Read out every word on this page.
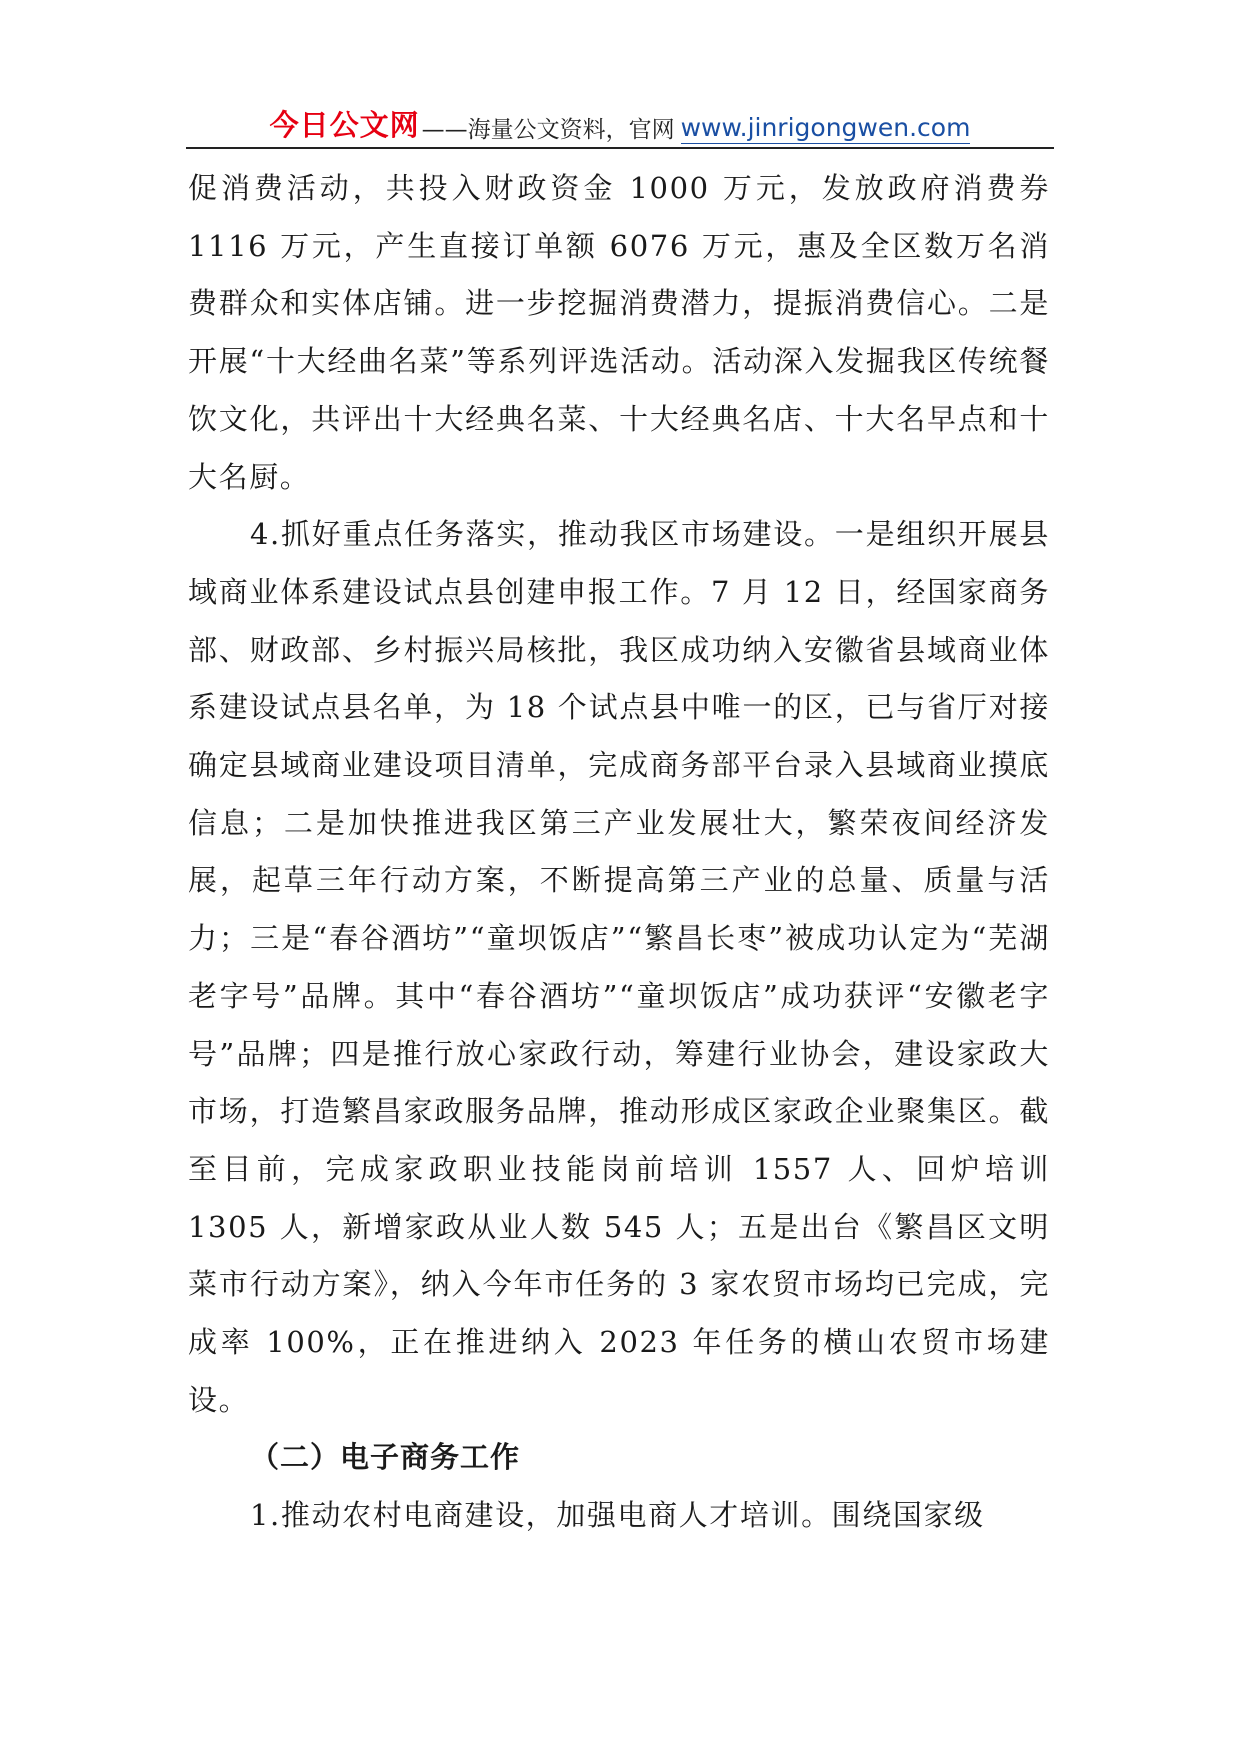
今日公文网 ——海量公文资料，官网 www.jinrigongwen.com

促消费活动，共投入财政资金 1000 万元，发放政府消费券 1116 万元，产生直接订单额 6076 万元，惠及全区数万名消费群众和实体店铺。进一步挖掘消费潜力，提振消费信心。二是开展“十大经曲名菜”等系列评选活动。活动深入发掘我区传统餐饮文化，共评出十大经典名菜、十大经典名店、十大名早点和十大名厨。

4.抓好重点任务落实，推动我区市场建设。一是组织开展县域商业体系建设试点县创建申报工作。7 月 12 日，经国家商务部、财政部、乡村振兴局核批，我区成功纳入安徽省县域商业体系建设试点县名单，为 18 个试点县中唯一的区，已与省厅对接确定县域商业建设项目清单，完成商务部平台录入县域商业摸底信息；二是加快推进我区第三产业发展壮大，繁荣夜间经济发展，起草三年行动方案，不断提高第三产业的总量、质量与活力；三是“春谷酒坊”“童坝饭店”“繁昌长枣”被成功认定为“芜湖老字号”品牌。其中“春谷酒坊”“童坝饭店”成功获评“安徽老字号”品牌；四是推行放心家政行动，筹建行业协会，建设家政大市场，打造繁昌家政服务品牌，推动形成区家政企业聚集区。截至目前，完成家政职业技能岗前培训 1557 人、回炉培训 1305 人，新增家政从业人数 545 人；五是出台《繁昌区文明菜市行动方案》，纳入今年市任务的 3 家农贸市场均已完成，完成率 100%，正在推进纳入 2023 年任务的横山农贸市场建设。

（二）电子商务工作

1.推动农村电商建设，加强电商人才培训。围绕国家级
